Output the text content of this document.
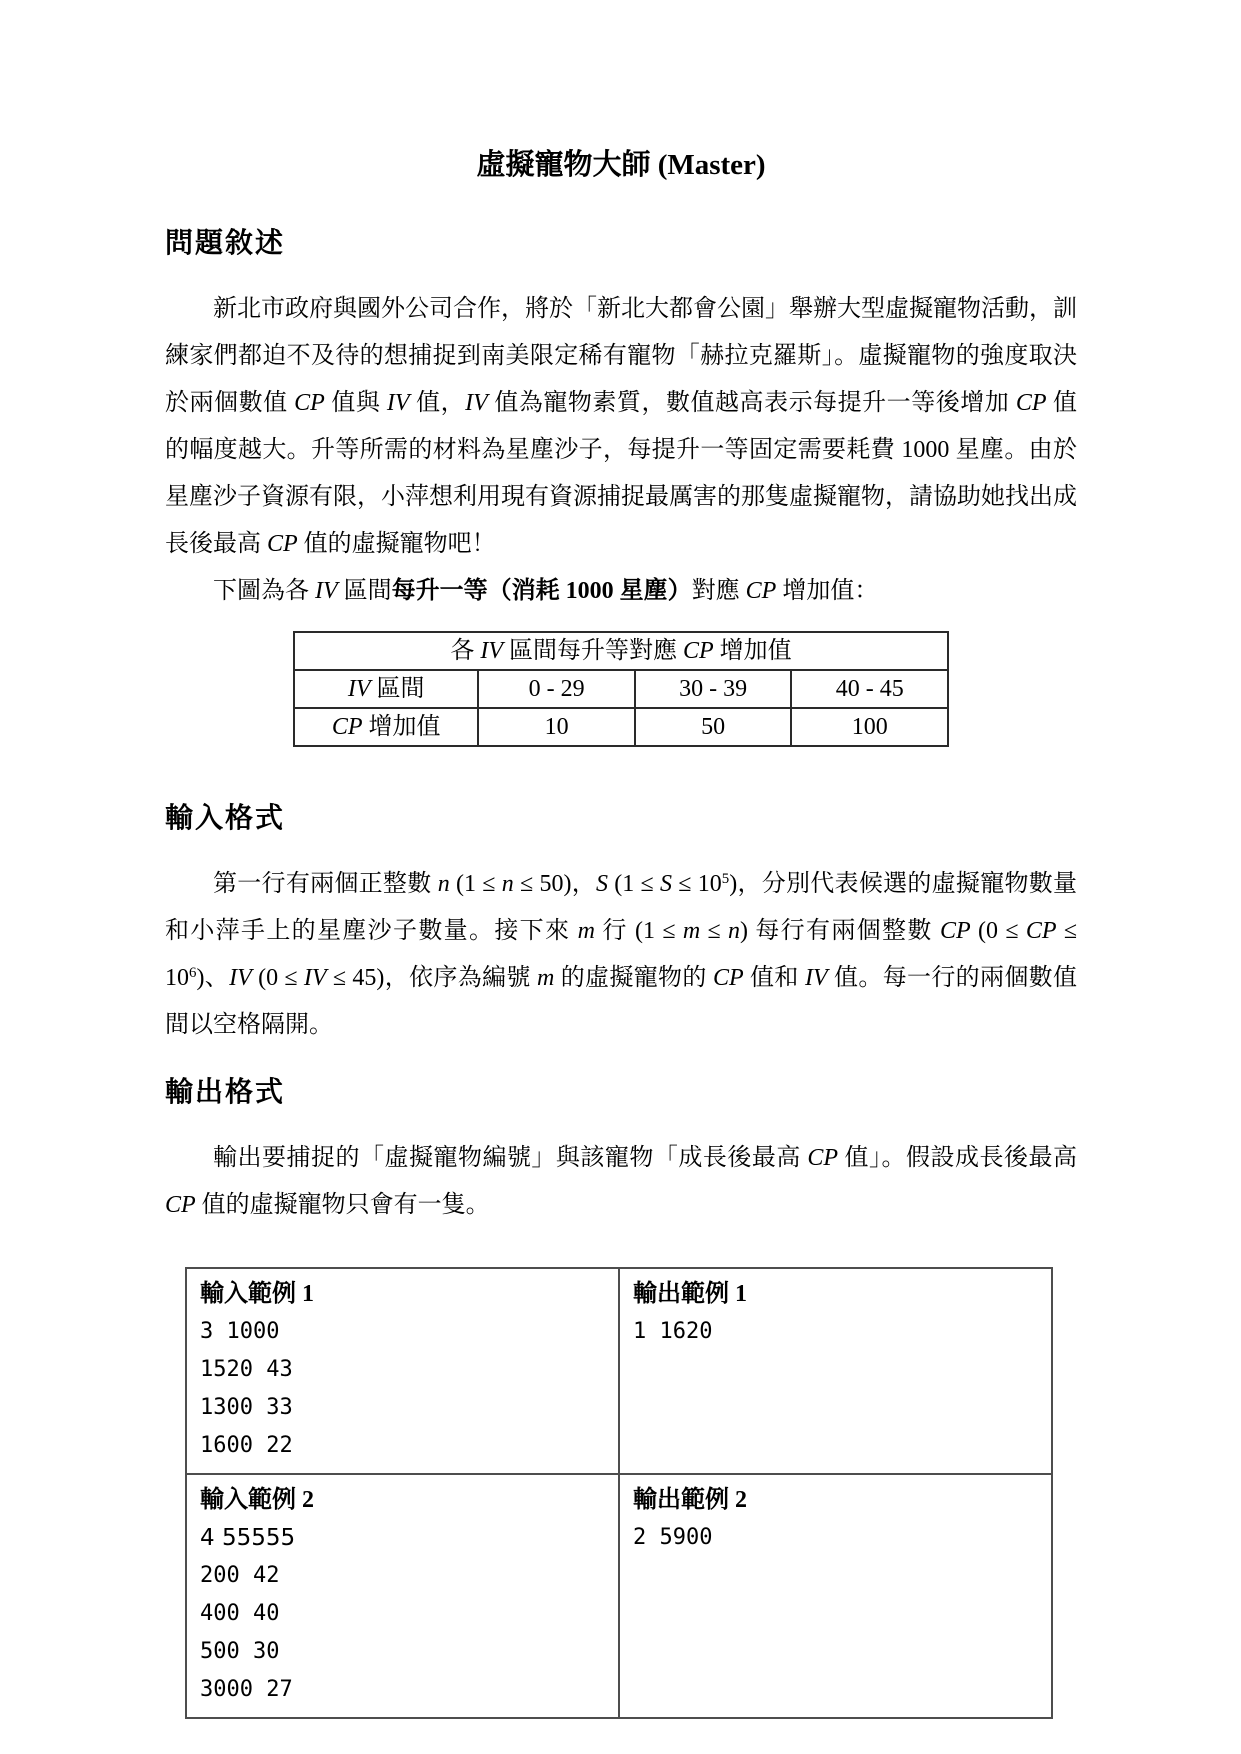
虛擬寵物大師 (Master)
問題敘述

新北市政府與國外公司合作，將於「新北大都會公園」舉辦大型虛擬寵物活動，訓練家們都迫不及待的想捕捉到南美限定稀有寵物「赫拉克羅斯」。虛擬寵物的強度取決於兩個數值 CP 值與 IV 值，IV 值為寵物素質，數值越高表示每提升一等後增加 CP 值的幅度越大。升等所需的材料為星塵沙子，每提升一等固定需要耗費 1000 星塵。由於星塵沙子資源有限，小萍想利用現有資源捕捉最厲害的那隻虛擬寵物，請協助她找出成長後最高 CP 值的虛擬寵物吧！

下圖為各 IV 區間每升一等（消耗 1000 星塵）對應 CP 增加值：

各 IV 區間每升等對應 CP 增加值			
IV 區間	0 - 29	30 - 39	40 - 45
CP 增加值	10	50	100
輸入格式

第一行有兩個正整數 n (1 ≤ n ≤ 50)，S $(1 \le S \le 10^5)$，分別代表候選的虛擬寵物數量和小萍手上的星塵沙子數量。接下來 m 行 (1 ≤ m ≤ n) 每行有兩個整數 CP (0 ≤ CP ≤ $10^6$)、IV (0 ≤ IV ≤ 45)，依序為編號 m 的虛擬寵物的 CP 值和 IV 值。每一行的兩個數值間以空格隔開。

輸出格式

輸出要捕捉的「虛擬寵物編號」與該寵物「成長後最高 CP 值」。假設成長後最高 CP 值的虛擬寵物只會有一隻。

輸入範例 1
3 1000
1520 43
1300 33
1600 22

輸出範例 1
1 1620

輸入範例 2
4 55555
200 42
400 40
500 30
3000 27

輸出範例 2
2 5900
